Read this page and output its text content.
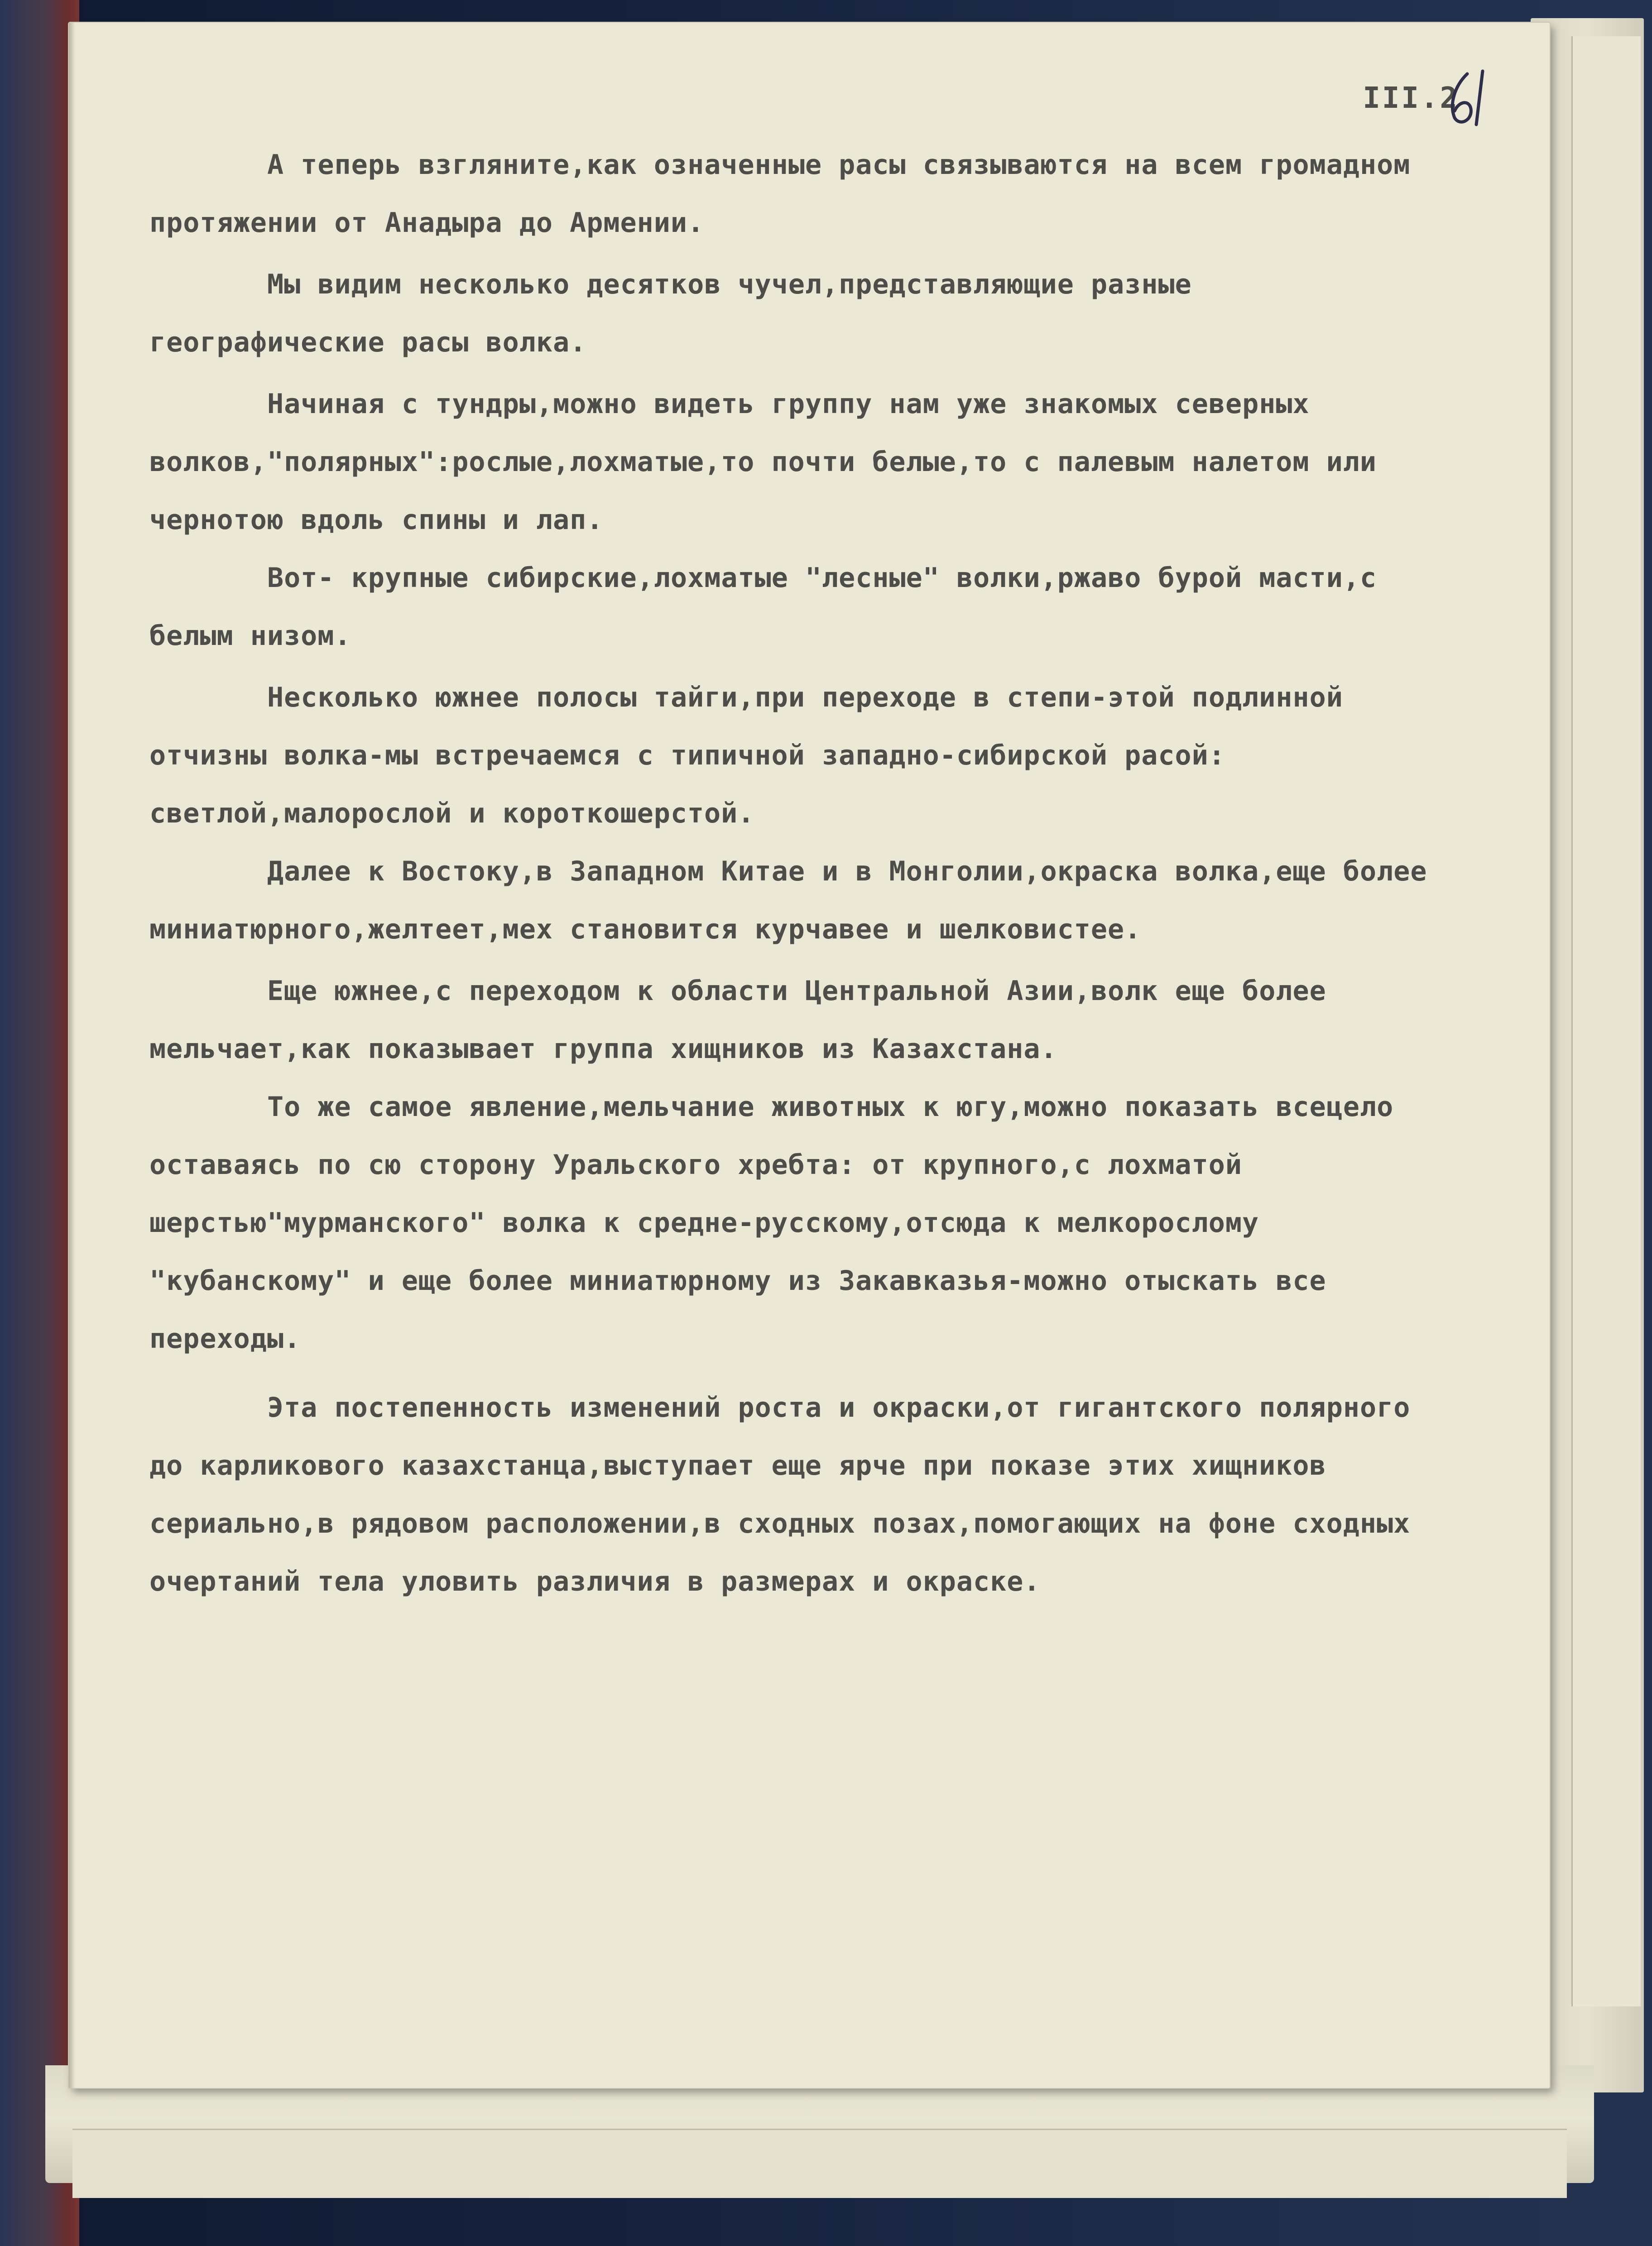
III.2

А теперь взгляните,как означенные расы связываются на всем громадном протяжении от Анадыра до Армении.

Мы видим несколько десятков чучел,представляющие разные географические расы волка.

Начиная с тундры,можно видеть группу нам уже знакомых северных волков,"полярных":рослые,лохматые,то почти белые,то с палевым налетом или чернотою вдоль спины и лап.

Вот- крупные сибирские,лохматые "лесные" волки,ржаво бурой масти,с белым низом.

Несколько южнее полосы тайги,при переходе в степи-этой подлинной отчизны волка-мы встречаемся с типичной западно-сибирской расой: светлой,малорослой и короткошерстой.

Далее к Востоку,в Западном Китае и в Монголии,окраска волка,еще более миниатюрного,желтеет,мех становится курчавее и шелковистее.

Еще южнее,с переходом к области Центральной Азии,волк еще более мельчает,как показывает группа хищников из Казахстана.

То же самое явление,мельчание животных к югу,можно показать всецело оставаясь по сю сторону Уральского хребта: от крупного,с лохматой шерстью"мурманского" волка к средне-русскому,отсюда к мелкорослому "кубанскому" и еще более миниатюрному из Закавказья-можно отыскать все переходы.

Эта постепенность изменений роста и окраски,от гигантского полярного до карликового казахстанца,выступает еще ярче при показе этих хищников сериально,в рядовом расположении,в сходных позах,помогающих на фоне сходных очертаний тела уловить различия в размерах и окраске.
